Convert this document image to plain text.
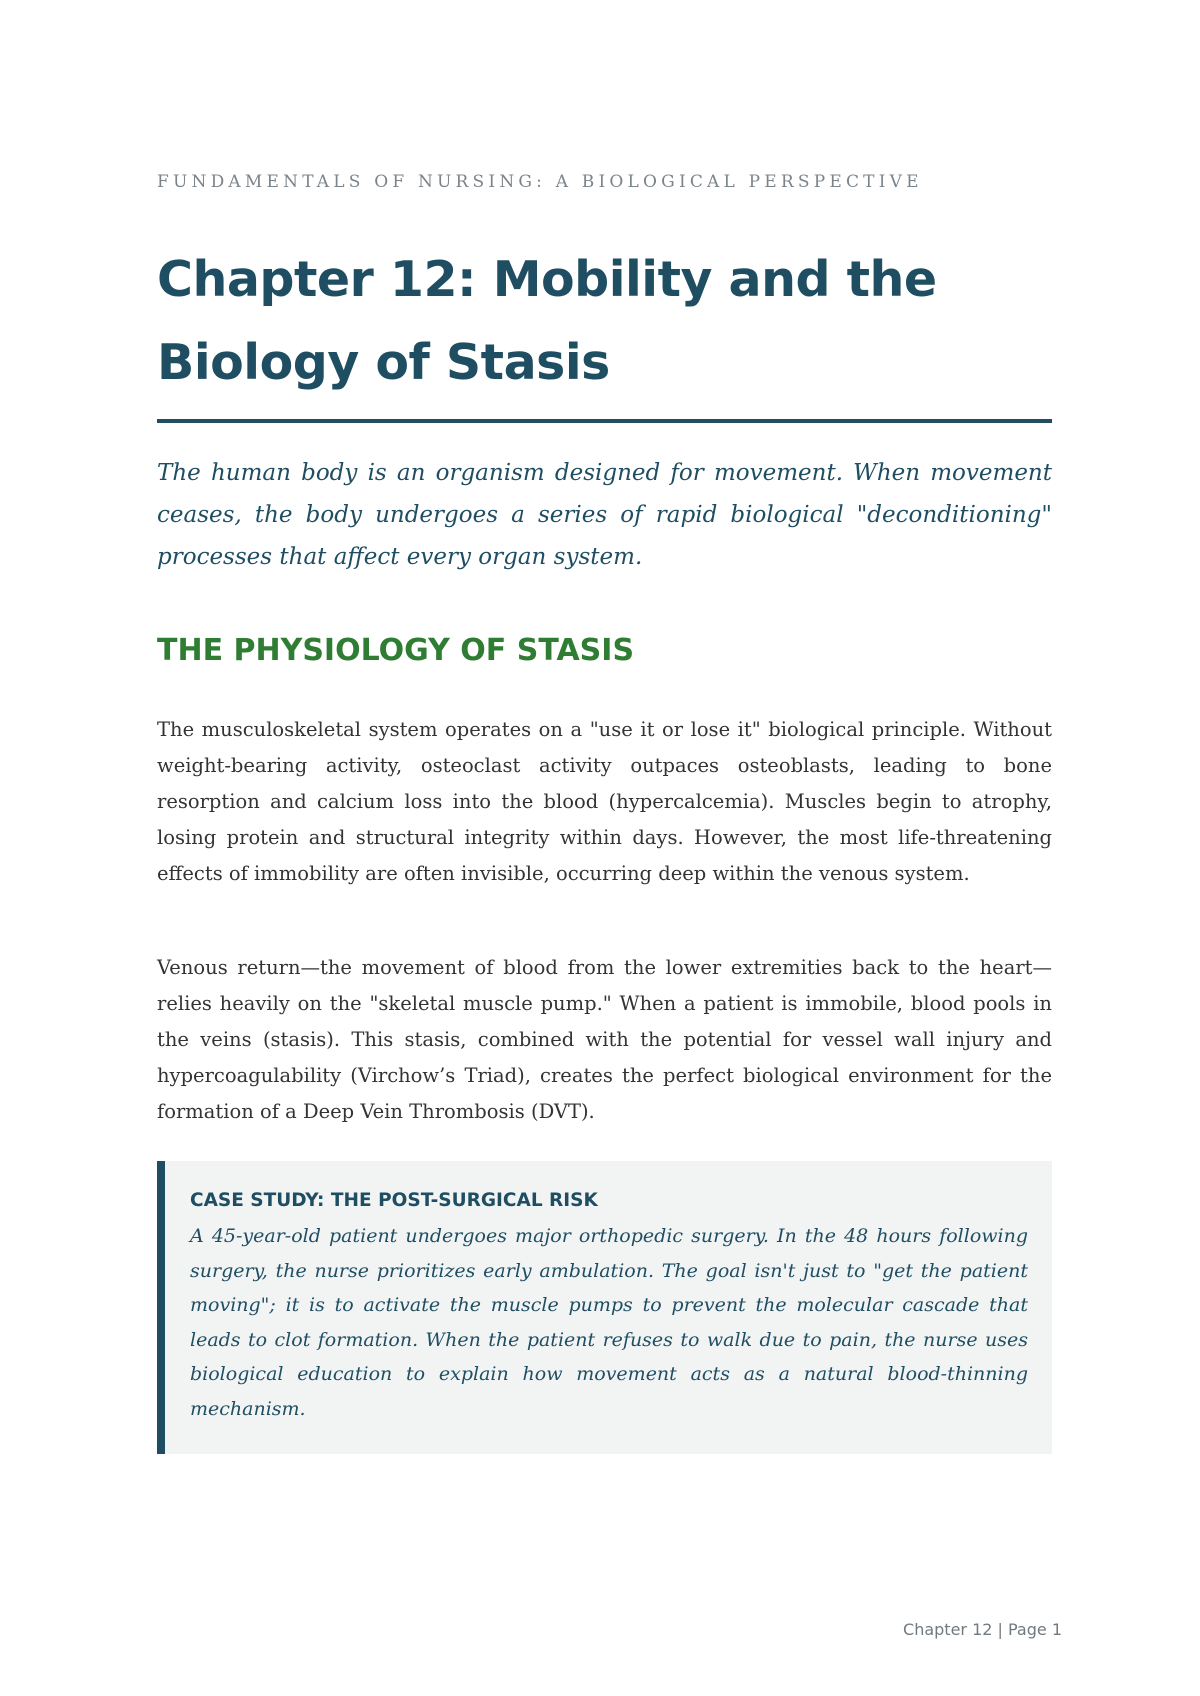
FUNDAMENTALS OF NURSING: A BIOLOGICAL PERSPECTIVE
Chapter 12: Mobility and the Biology of Stasis

The human body is an organism designed for movement. When movement ceases, the body undergoes a series of rapid biological "deconditioning" processes that affect every organ system.

THE PHYSIOLOGY OF STASIS

The musculoskeletal system operates on a "use it or lose it" biological principle. Without weight-bearing activity, osteoclast activity outpaces osteoblasts, leading to bone resorption and calcium loss into the blood (hypercalcemia). Muscles begin to atrophy, losing protein and structural integrity within days. However, the most life-threatening effects of immobility are often invisible, occurring deep within the venous system.

Venous return—the movement of blood from the lower extremities back to the heart—relies heavily on the "skeletal muscle pump." When a patient is immobile, blood pools in the veins (stasis). This stasis, combined with the potential for vessel wall injury and hypercoagulability (Virchow’s Triad), creates the perfect biological environment for the formation of a Deep Vein Thrombosis (DVT).

CASE STUDY: THE POST-SURGICAL RISK

A 45-year-old patient undergoes major orthopedic surgery. In the 48 hours following surgery, the nurse prioritizes early ambulation. The goal isn't just to "get the patient moving"; it is to activate the muscle pumps to prevent the molecular cascade that leads to clot formation. When the patient refuses to walk due to pain, the nurse uses biological education to explain how movement acts as a natural blood-thinning mechanism.

Chapter 12 | Page 1
